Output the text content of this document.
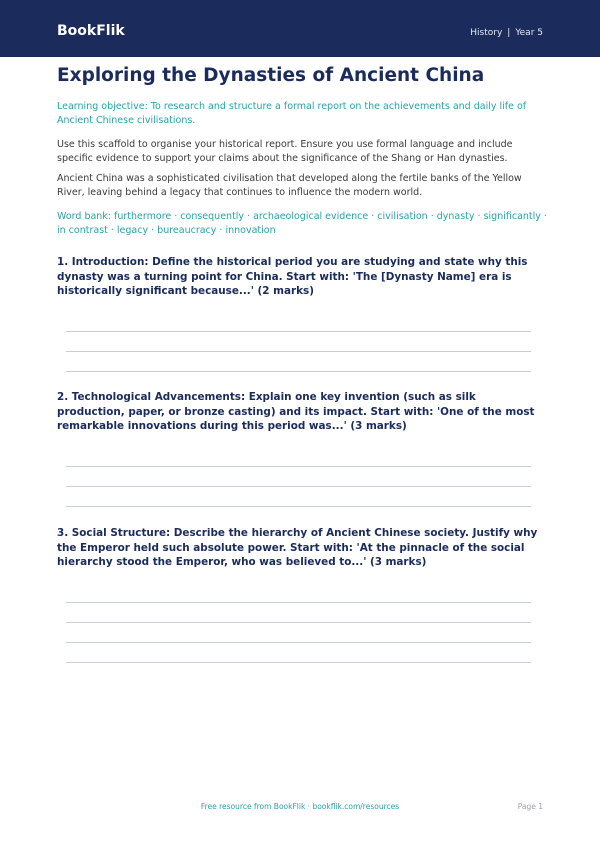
BookFlik	History | Year 5
Exploring the Dynasties of Ancient China
Learning objective: To research and structure a formal report on the achievements and daily life of Ancient Chinese civilisations.
Use this scaffold to organise your historical report. Ensure you use formal language and include specific evidence to support your claims about the significance of the Shang or Han dynasties.
Ancient China was a sophisticated civilisation that developed along the fertile banks of the Yellow River, leaving behind a legacy that continues to influence the modern world.
Word bank: furthermore · consequently · archaeological evidence · civilisation · dynasty · significantly · in contrast · legacy · bureaucracy · innovation
1. Introduction: Define the historical period you are studying and state why this dynasty was a turning point for China. Start with: 'The [Dynasty Name] era is historically significant because...' (2 marks)
2. Technological Advancements: Explain one key invention (such as silk production, paper, or bronze casting) and its impact. Start with: 'One of the most remarkable innovations during this period was...' (3 marks)
3. Social Structure: Describe the hierarchy of Ancient Chinese society. Justify why the Emperor held such absolute power. Start with: 'At the pinnacle of the social hierarchy stood the Emperor, who was believed to...' (3 marks)
Free resource from BookFlik · bookflik.com/resources	Page 1
